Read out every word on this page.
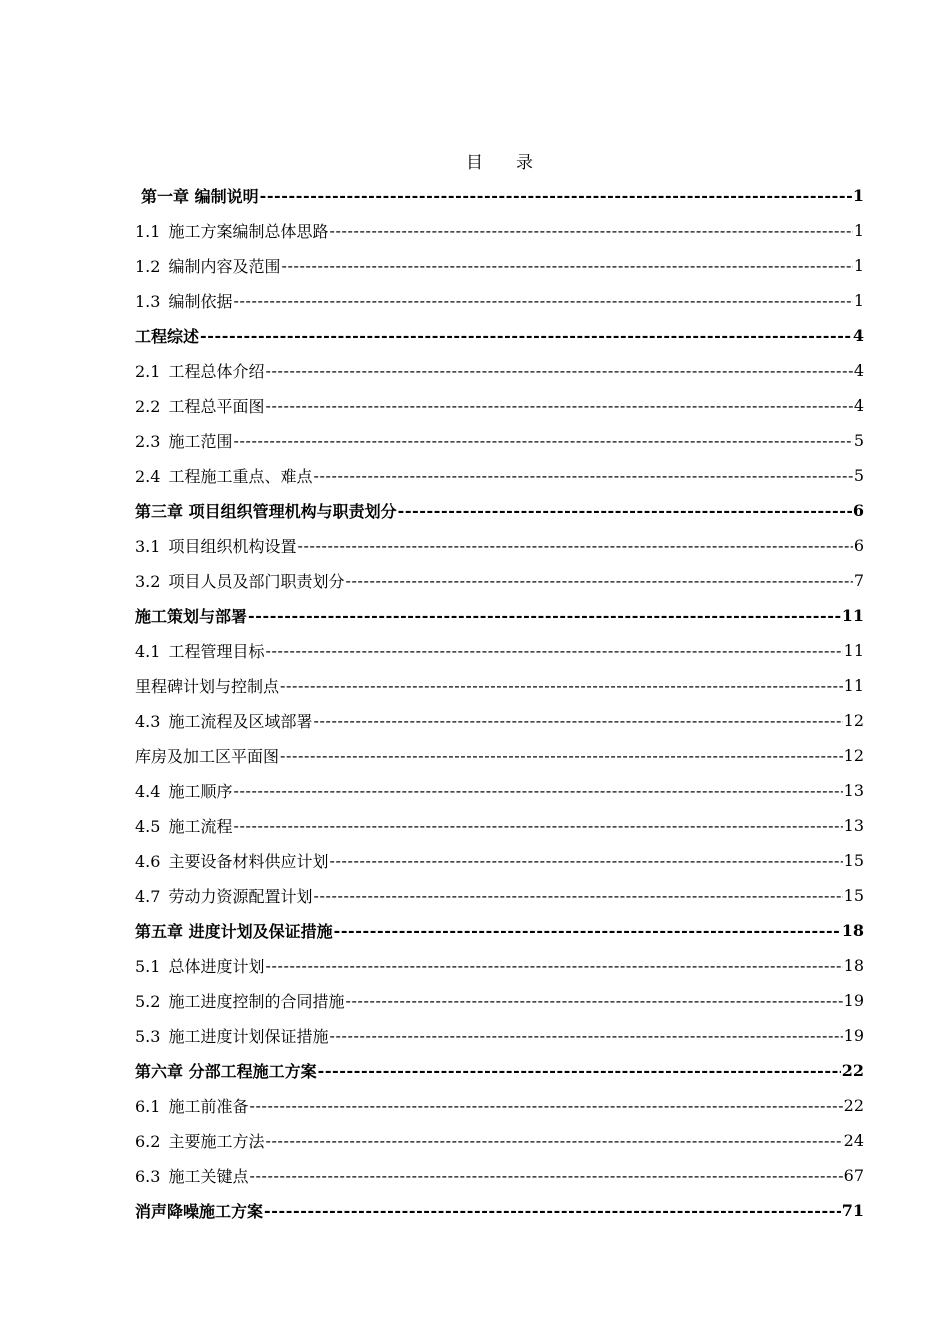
目 录
第一章 编制说明 -----	1
1.1 施工方案编制总体思路 -----	1
1.2 编制内容及范围 -----	1
1.3 编制依据 -----	1
工程综述 -----	4
2.1 工程总体介绍 -----	4
2.2 工程总平面图 -----	4
2.3 施工范围 -----	5
2.4 工程施工重点、难点 -----	5
第三章 项目组织管理机构与职责划分 -----	6
3.1 项目组织机构设置 -----	6
3.2 项目人员及部门职责划分 -----	7
施工策划与部署 -----	11
4.1 工程管理目标 -----	11
里程碑计划与控制点 -----	11
4.3 施工流程及区域部署 -----	12
库房及加工区平面图 -----	12
4.4 施工顺序 -----	13
4.5 施工流程 -----	13
4.6 主要设备材料供应计划 -----	15
4.7 劳动力资源配置计划 -----	15
第五章 进度计划及保证措施 -----	18
5.1 总体进度计划 -----	18
5.2 施工进度控制的合同措施 -----	19
5.3 施工进度计划保证措施 -----	19
第六章 分部工程施工方案 -----	22
6.1 施工前准备 -----	22
6.2 主要施工方法 -----	24
6.3 施工关键点 -----	67
消声降噪施工方案 -----	71
